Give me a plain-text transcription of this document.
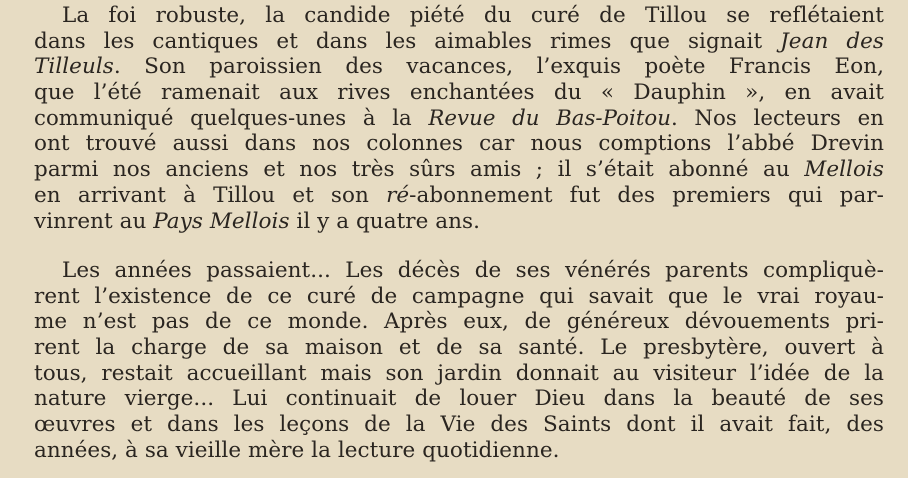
La foi robuste, la candide piété du curé de Tillou se reflétaient
dans les cantiques et dans les aimables rimes que signait Jean des
Tilleuls. Son paroissien des vacances, l’exquis poète Francis Eon,
que l’été ramenait aux rives enchantées du « Dauphin », en avait
communiqué quelques-unes à la Revue du Bas-Poitou. Nos lecteurs en
ont trouvé aussi dans nos colonnes car nous comptions l’abbé Drevin
parmi nos anciens et nos très sûrs amis ; il s’était abonné au Mellois
en arrivant à Tillou et son ré-abonnement fut des premiers qui par-
vinrent au Pays Mellois il y a quatre ans.
Les années passaient... Les décès de ses vénérés parents compliquè-
rent l’existence de ce curé de campagne qui savait que le vrai royau-
me n’est pas de ce monde. Après eux, de généreux dévouements pri-
rent la charge de sa maison et de sa santé. Le presbytère, ouvert à
tous, restait accueillant mais son jardin donnait au visiteur l’idée de la
nature vierge... Lui continuait de louer Dieu dans la beauté de ses
œuvres et dans les leçons de la Vie des Saints dont il avait fait, des
années, à sa vieille mère la lecture quotidienne.
